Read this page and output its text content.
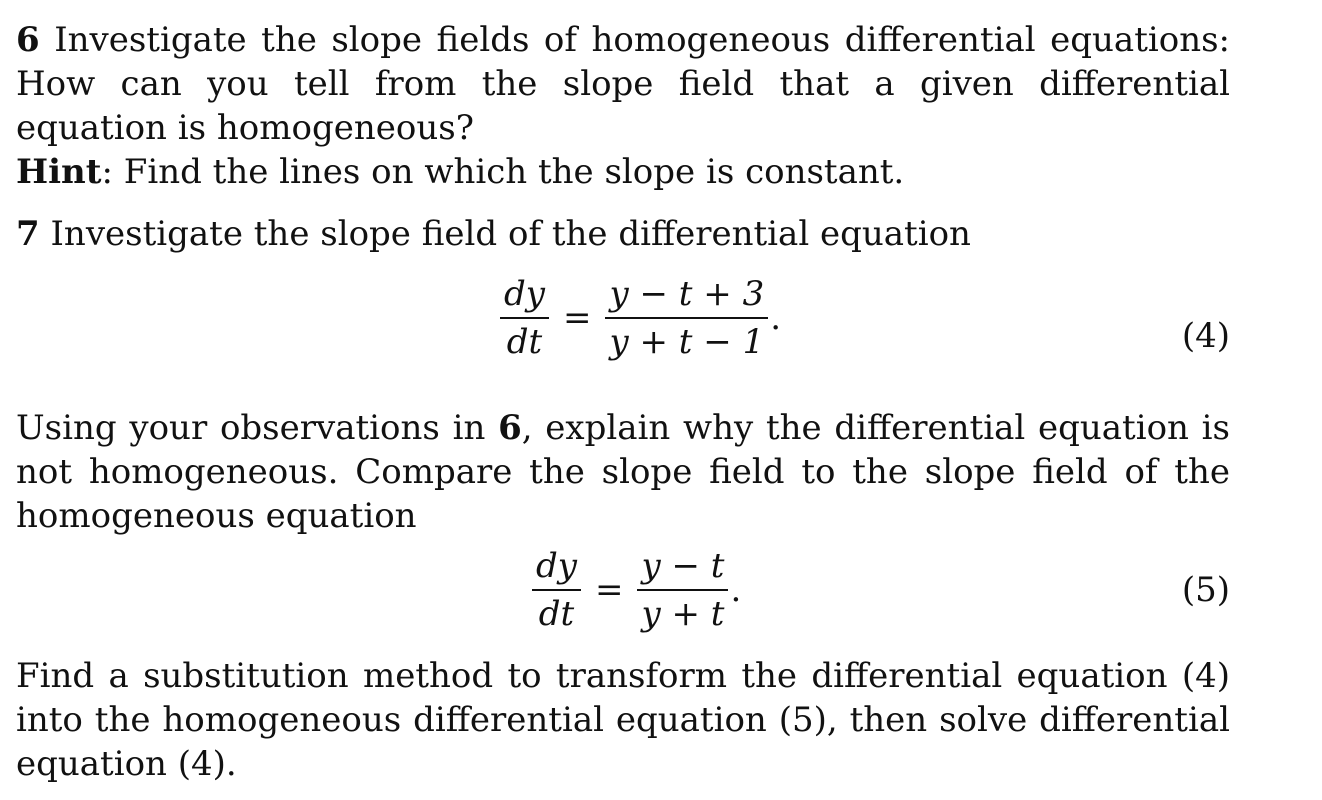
6 Investigate the slope fields of homogeneous differential equations: How can you tell from the slope field that a given differential equation is homogeneous?
Hint: Find the lines on which the slope is constant.

7 Investigate the slope field of the differential equation

$\frac{dy}{dt} = \frac{y - t + 3}{y + t - 1}$ .	(4)

Using your observations in 6, explain why the differential equation is not homogeneous. Compare the slope field to the slope field of the homogeneous equation

$\frac{dy}{dt} = \frac{y - t}{y + t}$ .	(5)

Find a substitution method to transform the differential equation (4) into the homogeneous differential equation (5), then solve differential equation (4).
